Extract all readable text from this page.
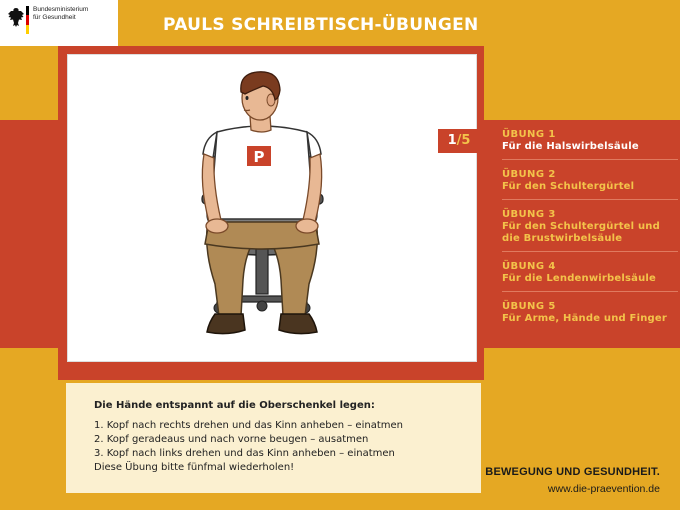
Bundesministerium
für Gesundheit	PAULS SCHREIBTISCH-ÜBUNGEN
P
1/5	ÜBUNG 1
Für die Halswirbelsäule
ÜBUNG 2
Für den Schultergürtel
ÜBUNG 3
Für den Schultergürtel und die Brustwirbelsäule
ÜBUNG 4
Für die Lendenwirbelsäule
ÜBUNG 5
Für Arme, Hände und Finger
Die Hände entspannt auf die Oberschenkel legen:
1. Kopf nach rechts drehen und das Kinn anheben – einatmen
2. Kopf geradeaus und nach vorne beugen – ausatmen
3. Kopf nach links drehen und das Kinn anheben – einatmen
Diese Übung bitte fünfmal wiederholen!	BEWEGUNG UND GESUNDHEIT.
www.die-praevention.de
